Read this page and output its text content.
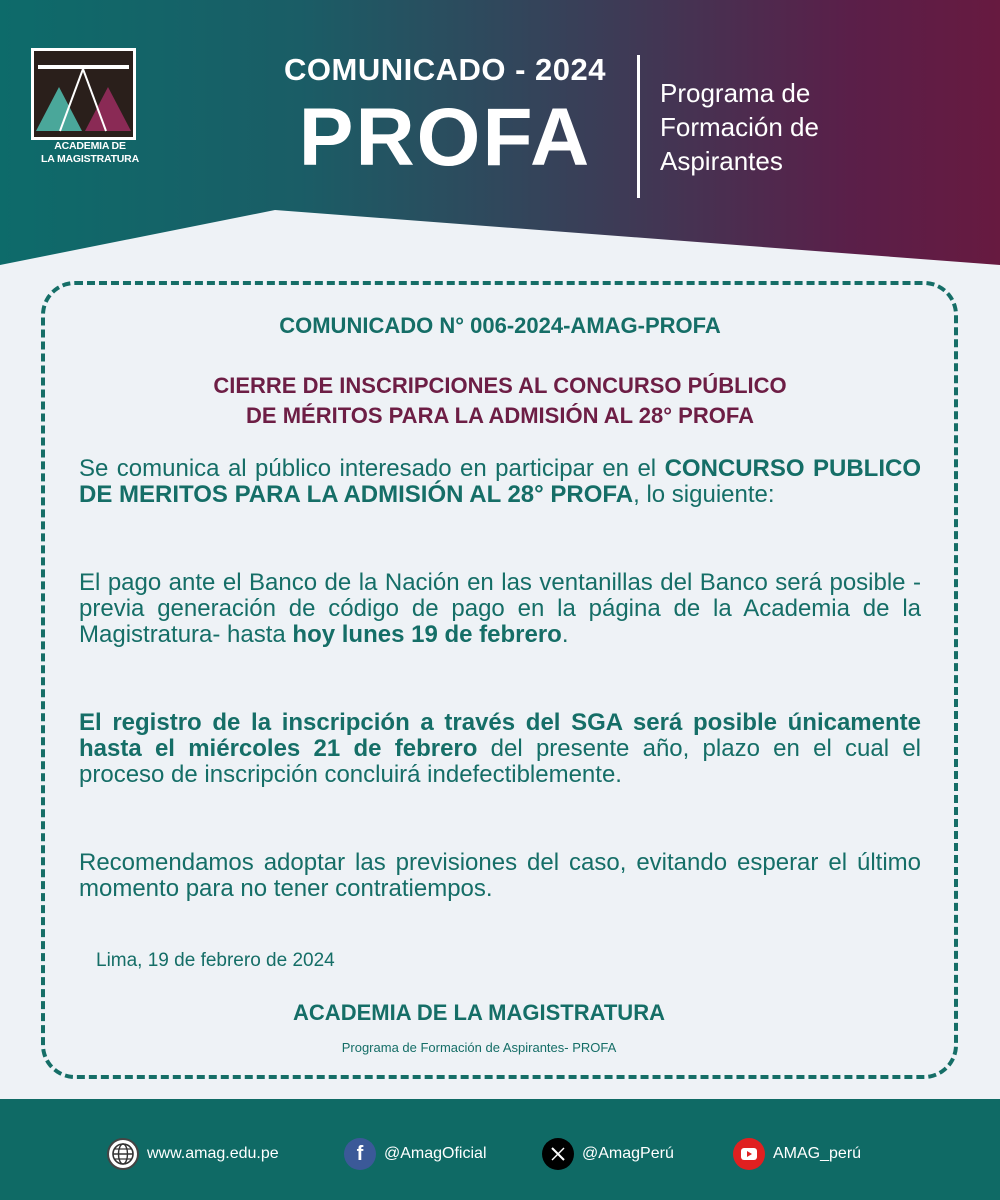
ACADEMIA DE
LA MAGISTRATURA
COMUNICADO - 2024
PROFA	Programa de
Formación de
Aspirantes
COMUNICADO N° 006-2024-AMAG-PROFA
CIERRE DE INSCRIPCIONES AL CONCURSO PÚBLICO
DE MÉRITOS PARA LA ADMISIÓN AL 28° PROFA
Se comunica al público interesado en participar en el CONCURSO PUBLICO DE MERITOS PARA LA ADMISIÓN AL 28° PROFA, lo siguiente:
El pago ante el Banco de la Nación en las ventanillas del Banco será posible -previa generación de código de pago en la página de la Academia de la Magistratura- hasta hoy lunes 19 de febrero.
El registro de la inscripción a través del SGA será posible únicamente hasta el miércoles 21 de febrero del presente año, plazo en el cual el proceso de inscripción concluirá indefectiblemente.
Recomendamos adoptar las previsiones del caso, evitando esperar el último momento para no tener contratiempos.
Lima, 19 de febrero de 2024
ACADEMIA DE LA MAGISTRATURA
Programa de Formación de Aspirantes- PROFA
www.amag.edu.pe	f	@AmagOficial	@AmagPerú	AMAG_perú
